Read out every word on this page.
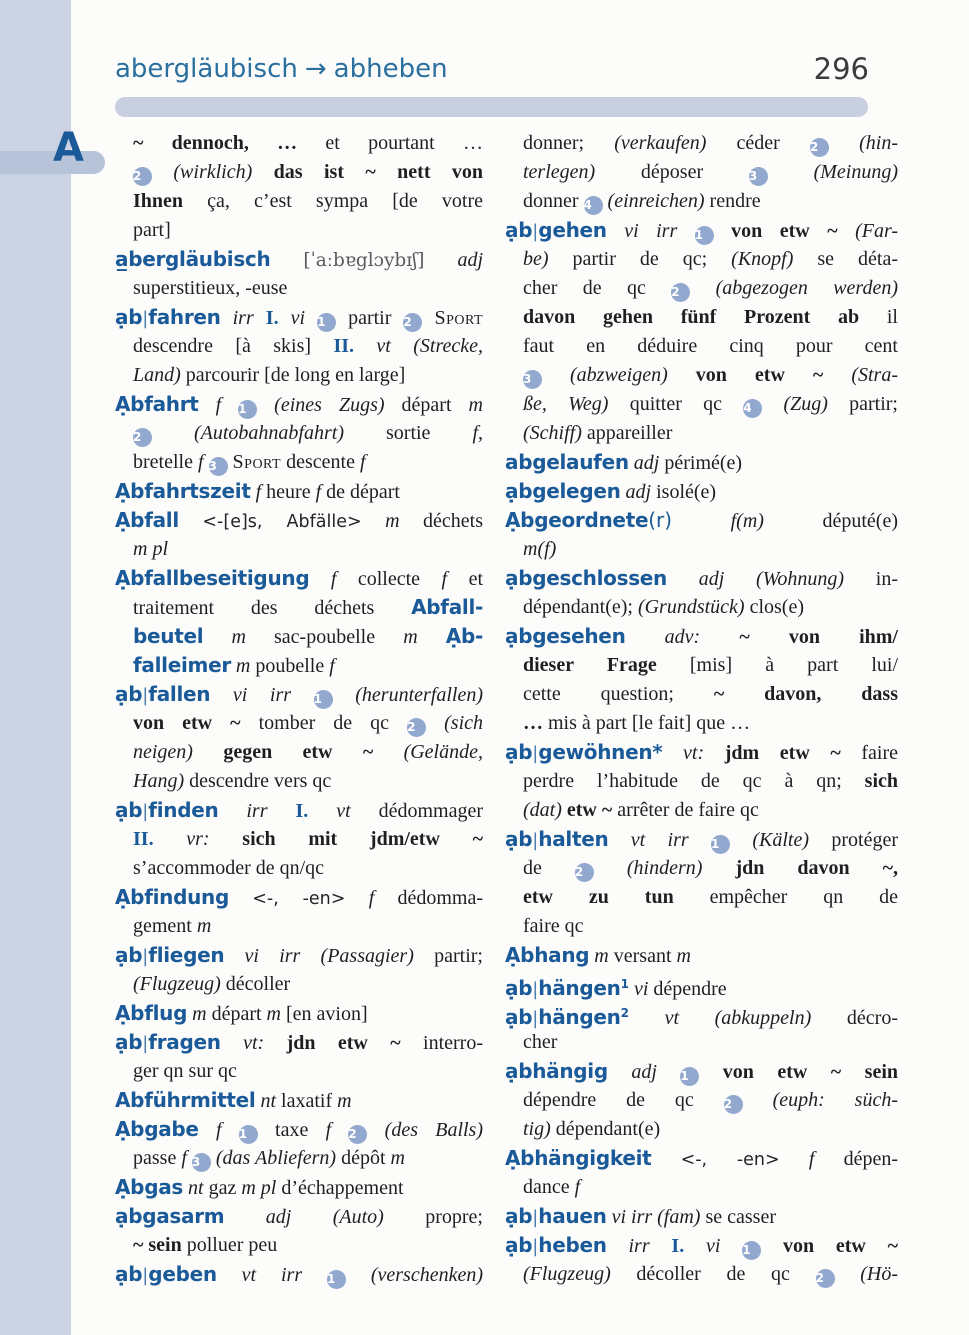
A
abergläubisch → abheben	296
~ dennoch, … et pourtant …
2 (wirklich) das ist ~ nett von
Ihnen ça, c’est sympa [de votre
part]
a̲bergläubisch [ˈaːbɐglɔybɪʃ] adj
superstitieux, -euse
ạb|fahren irr I. vi 1 partir 2 Sport
descendre [à skis] II. vt (Strecke,
Land) parcourir [de long en large]
Ạbfahrt f 1 (eines Zugs) départ m
2 (Autobahnabfahrt) sortie f,
bretelle f 3 Sport descente f
Ạbfahrtszeit f heure f de départ
Ạbfall <-[e]s, Abfälle> m déchets
m pl
Ạbfallbeseitigung f collecte f et
traitement des déchets Abfall-
beutel m sac-poubelle m Ạb-
falleimer m poubelle f
ạb|fallen vi irr 1 (herunterfallen)
von etw ~ tomber de qc 2 (sich
neigen) gegen etw ~ (Gelände,
Hang) descendre vers qc
ạb|finden irr I. vt dédommager
II. vr: sich mit jdm/etw ~
s’accommoder de qn/qc
Ạbfindung <-, -en> f dédomma-
gement m
ạb|fliegen vi irr (Passagier) partir;
(Flugzeug) décoller
Ạbflug m départ m [en avion]
ạb|fragen vt: jdn etw ~ interro-
ger qn sur qc
Abführmittel nt laxatif m
Ạbgabe f 1 taxe f 2 (des Balls)
passe f 3 (das Abliefern) dépôt m
Ạbgas nt gaz m pl d’échappement
ạbgasarm adj (Auto) propre;
~ sein polluer peu
ạb|geben vt irr 1 (verschenken)
donner; (verkaufen) céder 2 (hin-
terlegen) déposer 3 (Meinung)
donner 4 (einreichen) rendre
ạb|gehen vi irr 1 von etw ~ (Far-
be) partir de qc; (Knopf) se déta-
cher de qc 2 (abgezogen werden)
davon gehen fünf Prozent ab il
faut en déduire cinq pour cent
3 (abzweigen) von etw ~ (Stra-
ße, Weg) quitter qc 4 (Zug) partir;
(Schiff) appareiller
abgelaufen adj périmé(e)
ạbgelegen adj isolé(e)
Ạbgeordnete(r)	f(m) député(e)
m(f)
ạbgeschlossen adj (Wohnung) in-
dépendant(e); (Grundstück) clos(e)
ạbgesehen adv: ~ von ihm/
dieser Frage [mis] à part lui/
cette question; ~ davon, dass
… mis à part [le fait] que …
ạb|gewöhnen* vt: jdm etw ~ faire
perdre l’habitude de qc à qn; sich
(dat) etw ~ arrêter de faire qc
ạb|halten vt irr 1 (Kälte) protéger
de 2 (hindern) jdn davon ~,
etw zu tun empêcher qn de
faire qc
Ạbhang m versant m
ạb|hängen$^1$ vi dépendre
ạb|hängen$^2$ vt (abkuppeln) décro-
cher
ạbhängig adj 1 von etw ~ sein
dépendre de qc 2 (euph: süch-
tig) dépendant(e)
Ạbhängigkeit <-, -en> f dépen-
dance f
ạb|hauen vi irr (fam) se casser
ạb|heben irr I. vi 1 von etw ~
(Flugzeug) décoller de qc 2 (Hö-
